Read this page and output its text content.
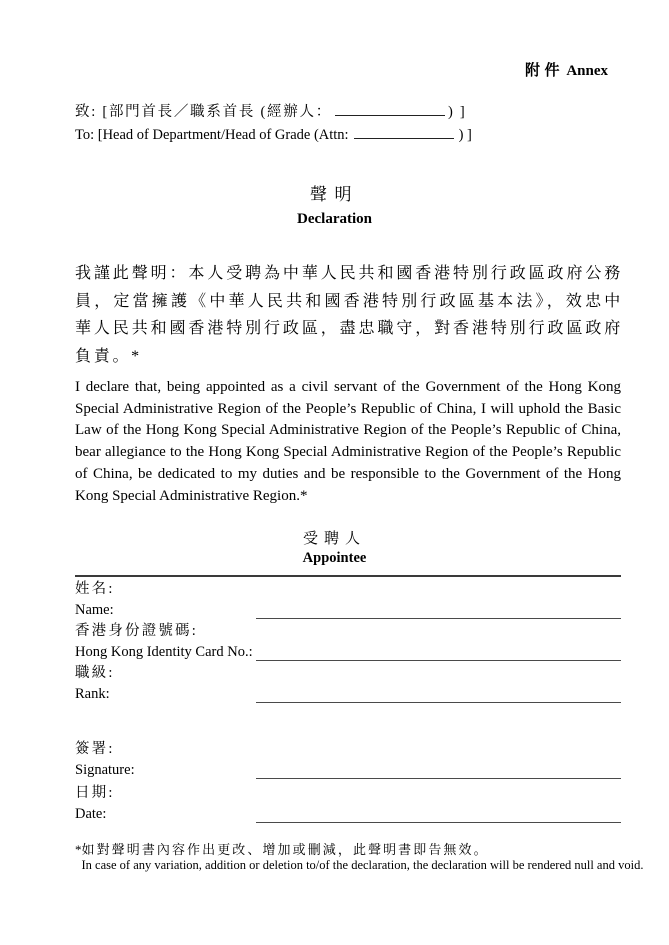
附件 Annex
致: [部門首長／職系首長 (經辦人：	) ]
To: [Head of Department/Head of Grade (Attn:	) ]
聲明
Declaration
我謹此聲明：本人受聘為中華人民共和國香港特別行政區政府公務員，定當擁護《中華人民共和國香港特別行政區基本法》，效忠中華人民共和國香港特別行政區，盡忠職守，對香港特別行政區政府負責。*
I declare that, being appointed as a civil servant of the Government of the Hong Kong Special Administrative Region of the People’s Republic of China, I will uphold the Basic Law of the Hong Kong Special Administrative Region of the People’s Republic of China, bear allegiance to the Hong Kong Special Administrative Region of the People’s Republic of China, be dedicated to my duties and be responsible to the Government of the Hong Kong Special Administrative Region.*
受聘人
Appointee
姓名:
Name:
香港身份證號碼:
Hong Kong Identity Card No.:
職級:
Rank:
簽署:
Signature:
日期:
Date:
* 如對聲明書內容作出更改、增加或刪減，此聲明書即告無效。
In case of any variation, addition or deletion to/of the declaration, the declaration will be rendered null and void.
